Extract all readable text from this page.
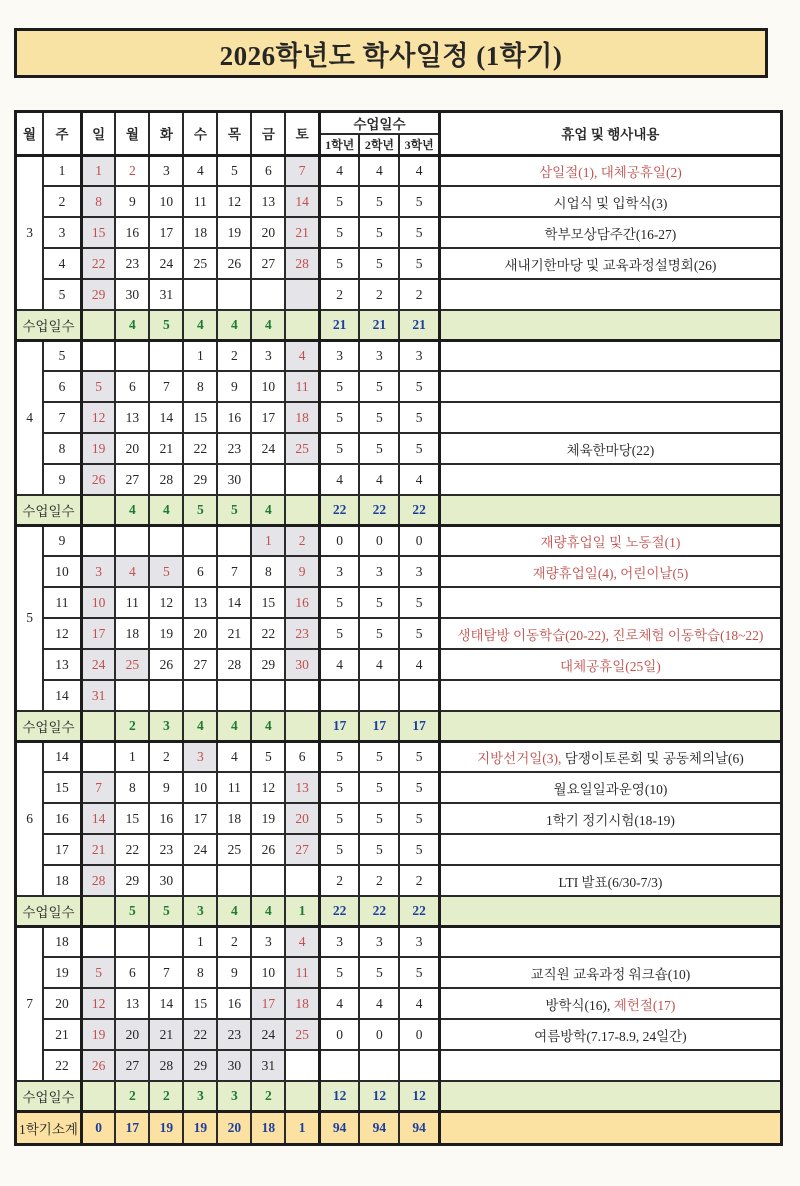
2026학년도 학사일정 (1학기)
월	주	일	월	화	수	목	금	토	수업일수			휴업 및 행사내용
									1학년	2학년	3학년	
3	1	1	2	3	4	5	6	7	4	4	4	삼일절(1), 대체공휴일(2)
	2	8	9	10	11	12	13	14	5	5	5	시업식 및 입학식(3)
	3	15	16	17	18	19	20	21	5	5	5	학부모상담주간(16-27)
	4	22	23	24	25	26	27	28	5	5	5	새내기한마당 및 교육과정설명회(26)
	5	29	30	31					2	2	2	
수업일수			4	5	4	4	4		21	21	21	
4	5				1	2	3	4	3	3	3	
	6	5	6	7	8	9	10	11	5	5	5	
	7	12	13	14	15	16	17	18	5	5	5	
	8	19	20	21	22	23	24	25	5	5	5	체육한마당(22)
	9	26	27	28	29	30			4	4	4	
수업일수			4	4	5	5	4		22	22	22	
5	9						1	2	0	0	0	재량휴업일 및 노동절(1)
	10	3	4	5	6	7	8	9	3	3	3	재량휴업일(4), 어린이날(5)
	11	10	11	12	13	14	15	16	5	5	5	
	12	17	18	19	20	21	22	23	5	5	5	생태탐방 이동학습(20-22), 진로체험 이동학습(18~22)
	13	24	25	26	27	28	29	30	4	4	4	대체공휴일(25일)
	14	31										
수업일수			2	3	4	4	4		17	17	17	
6	14		1	2	3	4	5	6	5	5	5	지방선거일(3), 담쟁이토론회 및 공동체의날(6)
	15	7	8	9	10	11	12	13	5	5	5	월요일일과운영(10)
	16	14	15	16	17	18	19	20	5	5	5	1학기 정기시험(18-19)
	17	21	22	23	24	25	26	27	5	5	5	
	18	28	29	30					2	2	2	LTI 발표(6/30-7/3)
수업일수			5	5	3	4	4	1	22	22	22	
7	18				1	2	3	4	3	3	3	
	19	5	6	7	8	9	10	11	5	5	5	교직원 교육과정 워크숍(10)
	20	12	13	14	15	16	17	18	4	4	4	방학식(16), 제헌절(17)
	21	19	20	21	22	23	24	25	0	0	0	여름방학(7.17-8.9, 24일간)
	22	26	27	28	29	30	31					
수업일수			2	2	3	3	2		12	12	12	
1학기소계		0	17	19	19	20	18	1	94	94	94	
